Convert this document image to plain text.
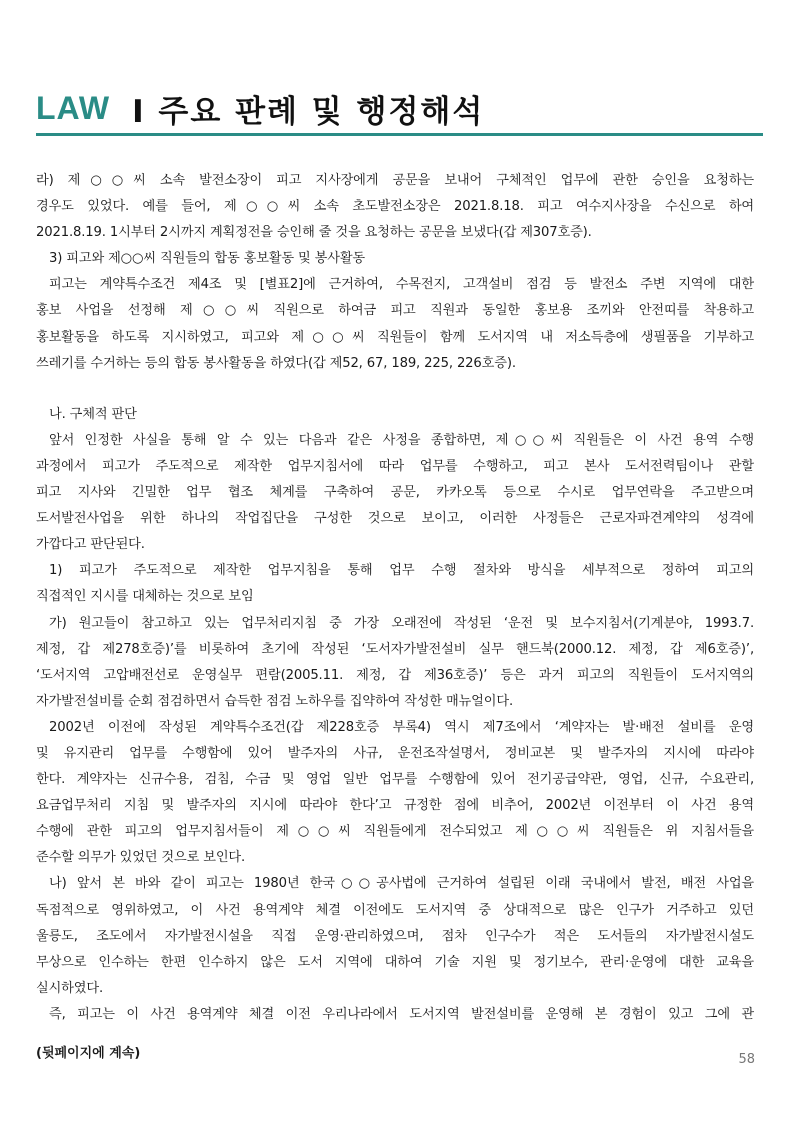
LAW Ⅰ 주요 판례 및 행정해석

라) 제○○씨 소속 발전소장이 피고 지사장에게 공문을 보내어 구체적인 업무에 관한 승인을 요청하는

경우도 있었다. 예를 들어, 제○○씨 소속 초도발전소장은 2021.8.18. 피고 여수지사장을 수신으로 하여

2021.8.19. 1시부터 2시까지 계획정전을 승인해 줄 것을 요청하는 공문을 보냈다(갑 제307호증).

3) 피고와 제○○씨 직원들의 합동 홍보활동 및 봉사활동

피고는 계약특수조건 제4조 및 [별표2]에 근거하여, 수목전지, 고객설비 점검 등 발전소 주변 지역에 대한

홍보 사업을 선정해 제○○씨 직원으로 하여금 피고 직원과 동일한 홍보용 조끼와 안전띠를 착용하고

홍보활동을 하도록 지시하였고, 피고와 제○○씨 직원들이 함께 도서지역 내 저소득층에 생필품을 기부하고

쓰레기를 수거하는 등의 합동 봉사활동을 하였다(갑 제52, 67, 189, 225, 226호증).

나. 구체적 판단

앞서 인정한 사실을 통해 알 수 있는 다음과 같은 사정을 종합하면, 제○○씨 직원들은 이 사건 용역 수행

과정에서 피고가 주도적으로 제작한 업무지침서에 따라 업무를 수행하고, 피고 본사 도서전력팀이나 관할

피고 지사와 긴밀한 업무 협조 체계를 구축하여 공문, 카카오톡 등으로 수시로 업무연락을 주고받으며

도서발전사업을 위한 하나의 작업집단을 구성한 것으로 보이고, 이러한 사정들은 근로자파견계약의 성격에

가깝다고 판단된다.

1) 피고가 주도적으로 제작한 업무지침을 통해 업무 수행 절차와 방식을 세부적으로 정하여 피고의

직접적인 지시를 대체하는 것으로 보임

가) 원고들이 참고하고 있는 업무처리지침 중 가장 오래전에 작성된 ‘운전 및 보수지침서(기계분야, 1993.7.

제정, 갑 제278호증)’를 비롯하여 초기에 작성된 ‘도서자가발전설비 실무 핸드북(2000.12. 제정, 갑 제6호증)’,

‘도서지역 고압배전선로 운영실무 편람(2005.11. 제정, 갑 제36호증)’ 등은 과거 피고의 직원들이 도서지역의

자가발전설비를 순회 점검하면서 습득한 점검 노하우를 집약하여 작성한 매뉴얼이다.

2002년 이전에 작성된 계약특수조건(갑 제228호증 부록4) 역시 제7조에서 ‘계약자는 발·배전 설비를 운영

및 유지관리 업무를 수행함에 있어 발주자의 사규, 운전조작설명서, 정비교본 및 발주자의 지시에 따라야

한다. 계약자는 신규수용, 검침, 수금 및 영업 일반 업무를 수행함에 있어 전기공급약관, 영업, 신규, 수요관리,

요금업무처리 지침 및 발주자의 지시에 따라야 한다’고 규정한 점에 비추어, 2002년 이전부터 이 사건 용역

수행에 관한 피고의 업무지침서들이 제○○씨 직원들에게 전수되었고 제○○씨 직원들은 위 지침서들을

준수할 의무가 있었던 것으로 보인다.

나) 앞서 본 바와 같이 피고는 1980년 한국○○공사법에 근거하여 설립된 이래 국내에서 발전, 배전 사업을

독점적으로 영위하였고, 이 사건 용역계약 체결 이전에도 도서지역 중 상대적으로 많은 인구가 거주하고 있던

울릉도, 조도에서 자가발전시설을 직접 운영·관리하였으며, 점차 인구수가 적은 도서들의 자가발전시설도

무상으로 인수하는 한편 인수하지 않은 도서 지역에 대하여 기술 지원 및 정기보수, 관리·운영에 대한 교육을

실시하였다.

즉, 피고는 이 사건 용역계약 체결 이전 우리나라에서 도서지역 발전설비를 운영해 본 경험이 있고 그에 관

(뒷페이지에 계속)	58
